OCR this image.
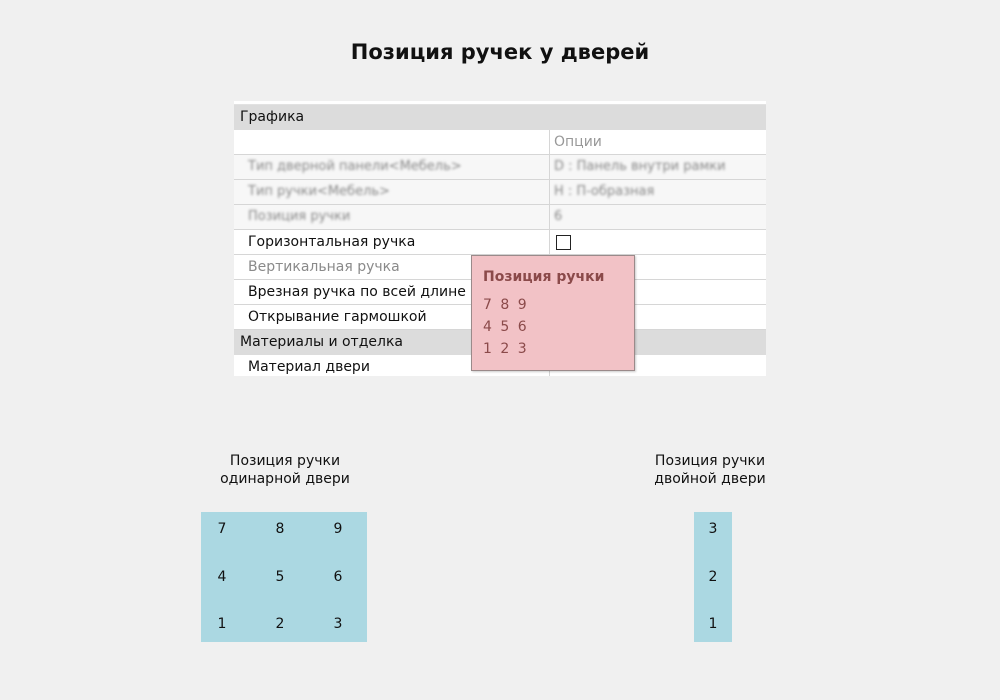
Позиция ручек у дверей
Графика
Опции
Тип дверной панели<Мебель>	D : Панель внутри рамки
Тип ручки<Мебель>	H : П-образная
Позиция ручки	6
Горизонтальная ручка
Вертикальная ручка
Врезная ручка по всей длине
Открывание гармошкой
Материалы и отделка
Материал двери
Позиция ручки
7 8 9
4 5 6
1 2 3
Позиция ручки
одинарной двери
7	8	9
4	5	6
1	2	3
Позиция ручки
двойной двери
3
2
1
